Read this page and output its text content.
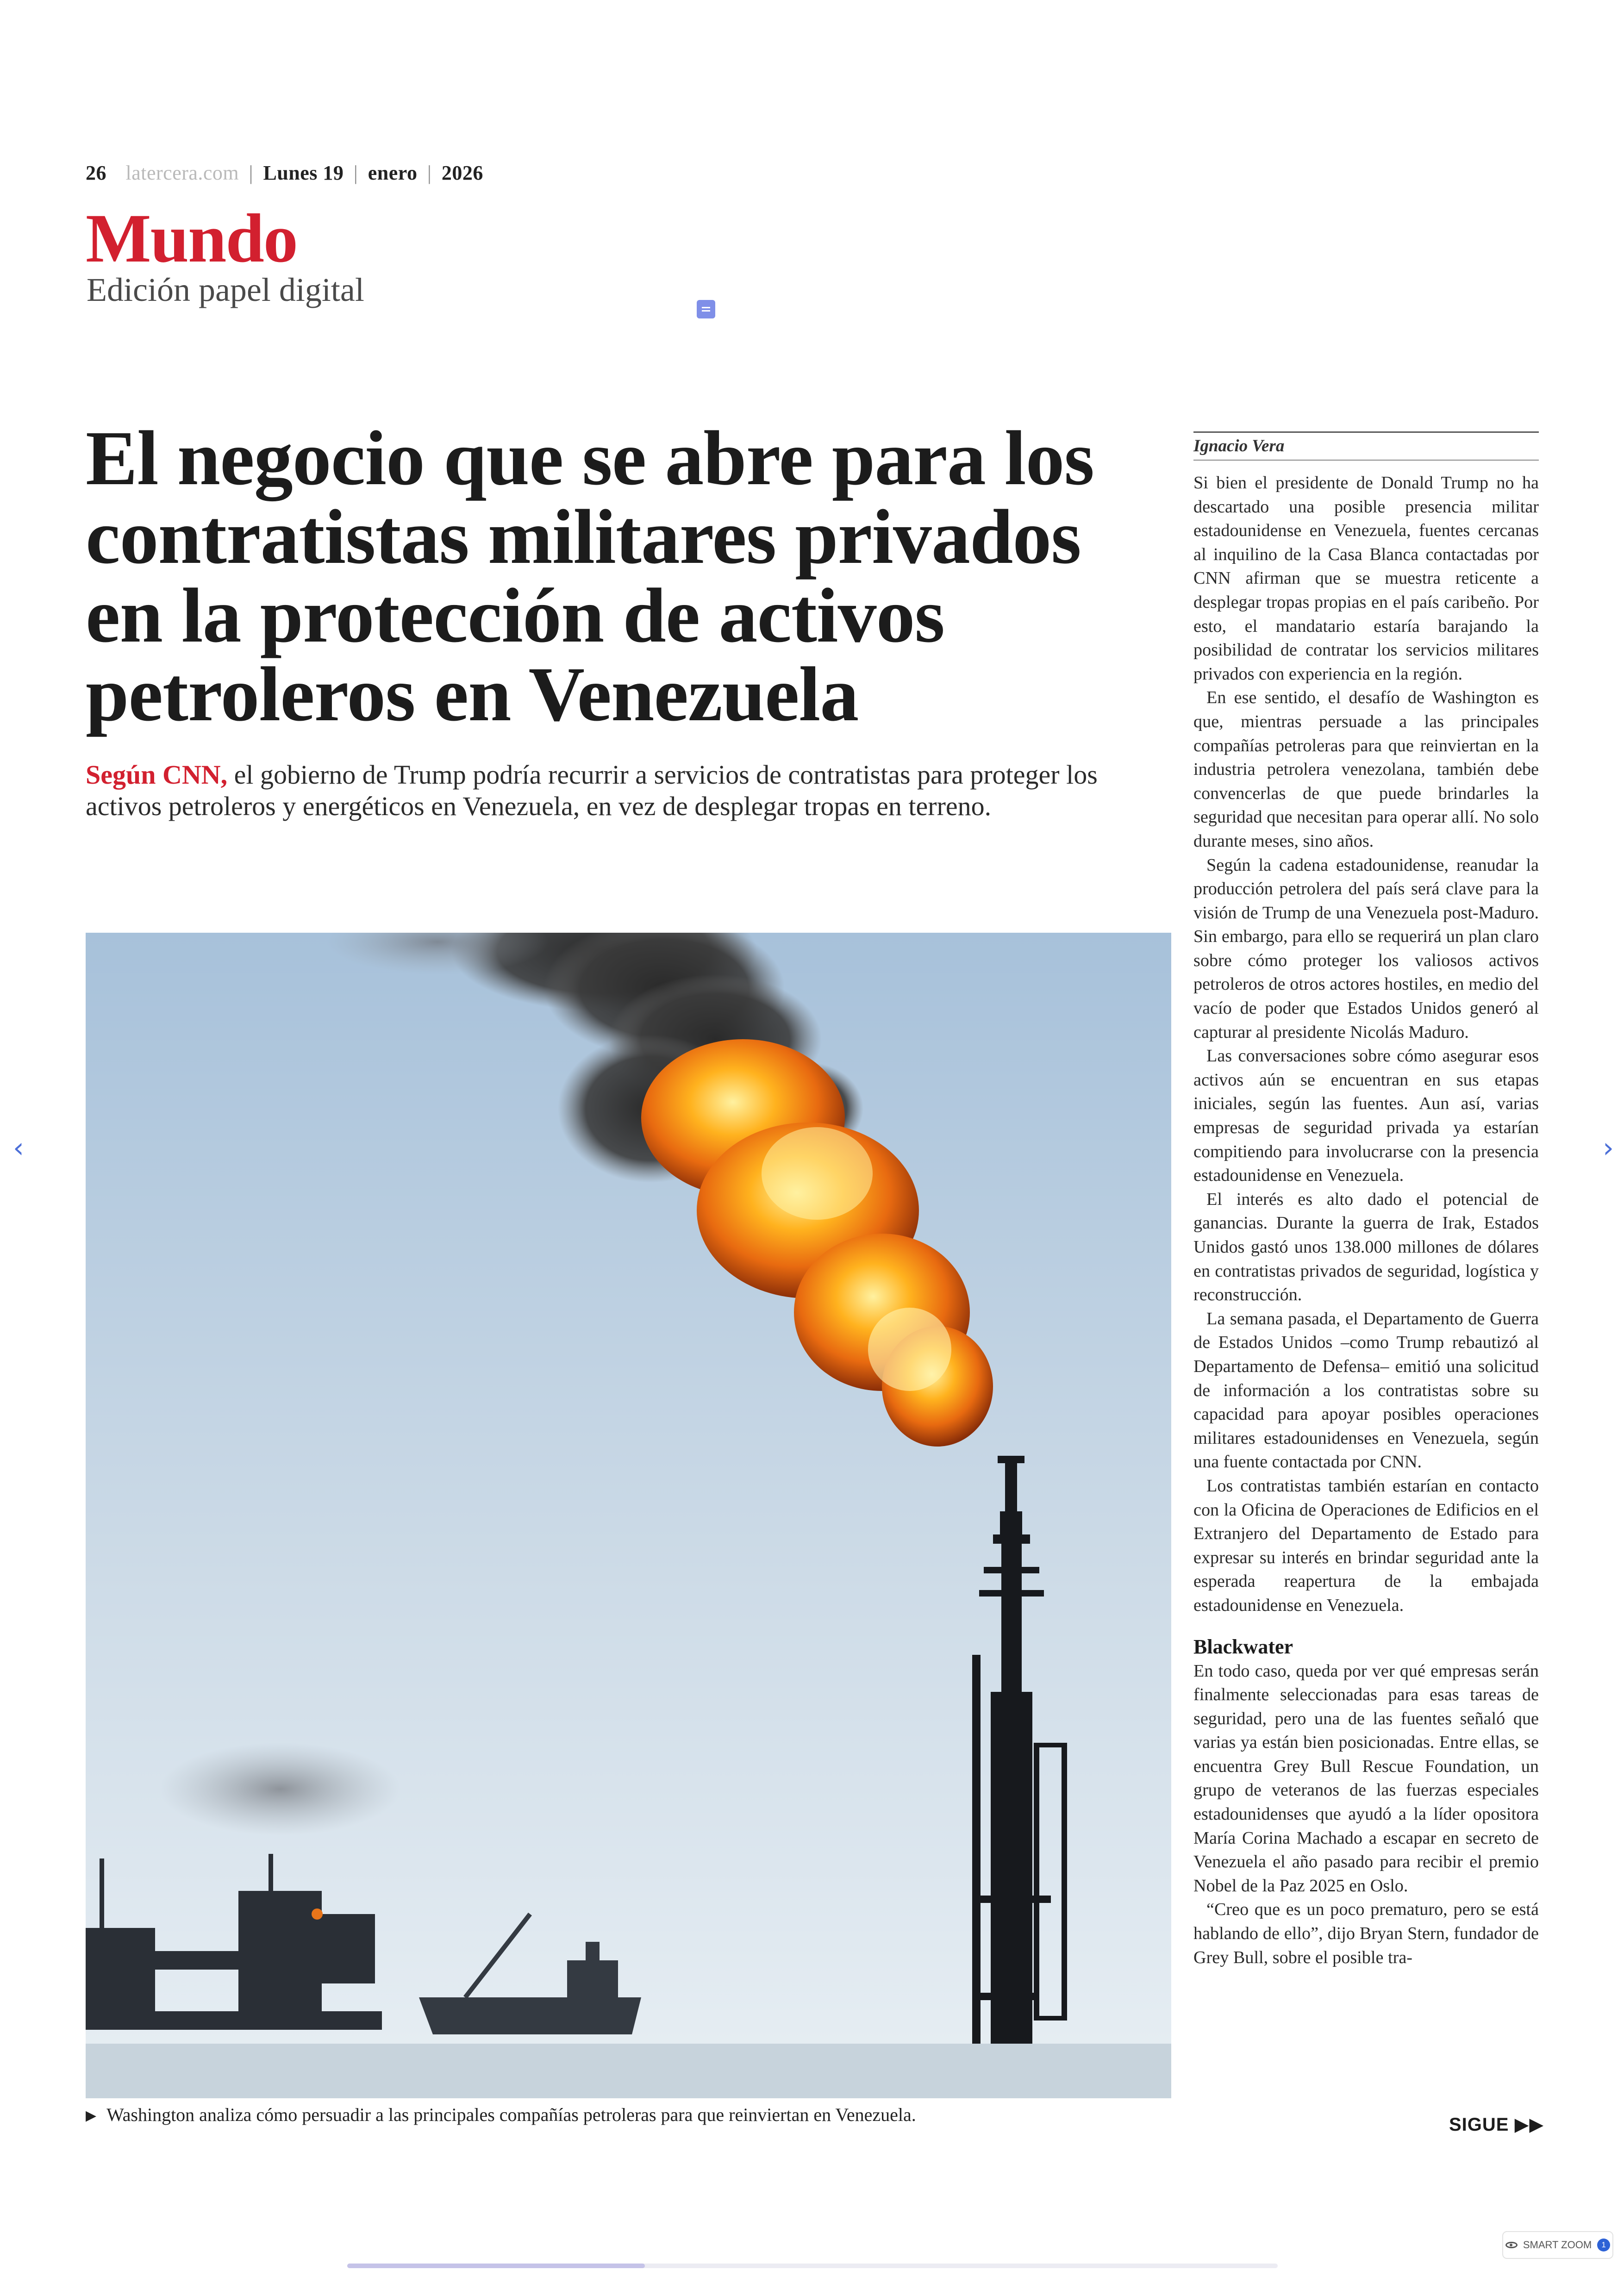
26 latercera.com | Lunes 19 | enero | 2026
Mundo
Edición papel digital
El negocio que se abre para los contratistas militares privados en la protección de activos petroleros en Venezuela

Según CNN, el gobierno de Trump podría recurrir a servicios de contratistas para proteger los activos petroleros y energéticos en Venezuela, en vez de desplegar tropas en terreno.

▶ Washington analiza cómo persuadir a las principales compañías petroleras para que reinviertan en Venezuela.
Ignacio Vera

Si bien el presidente de Donald Trump no ha descartado una posible presencia militar estadounidense en Venezuela, fuentes cercanas al inquilino de la Casa Blanca contactadas por CNN afirman que se muestra reticente a desplegar tropas propias en el país caribeño. Por esto, el mandatario estaría barajando la posibilidad de contratar los servicios militares privados con experiencia en la región.

En ese sentido, el desafío de Washington es que, mientras persuade a las principales compañías petroleras para que reinviertan en la industria petrolera venezolana, también debe convencerlas de que puede brindarles la seguridad que necesitan para operar allí. No solo durante meses, sino años.

Según la cadena estadounidense, reanudar la producción petrolera del país será clave para la visión de Trump de una Venezuela post-Maduro. Sin embargo, para ello se requerirá un plan claro sobre cómo proteger los valiosos activos petroleros de otros actores hostiles, en medio del vacío de poder que Estados Unidos generó al capturar al presidente Nicolás Maduro.

Las conversaciones sobre cómo asegurar esos activos aún se encuentran en sus etapas iniciales, según las fuentes. Aun así, varias empresas de seguridad privada ya estarían compitiendo para involucrarse con la presencia estadounidense en Venezuela.

El interés es alto dado el potencial de ganancias. Durante la guerra de Irak, Estados Unidos gastó unos 138.000 millones de dólares en contratistas privados de seguridad, logística y reconstrucción.

La semana pasada, el Departamento de Guerra de Estados Unidos –como Trump rebautizó al Departamento de Defensa– emitió una solicitud de información a los contratistas sobre su capacidad para apoyar posibles operaciones militares estadounidenses en Venezuela, según una fuente contactada por CNN.

Los contratistas también estarían en contacto con la Oficina de Operaciones de Edificios en el Extranjero del Departamento de Estado para expresar su interés en brindar seguridad ante la esperada reapertura de la embajada estadounidense en Venezuela.

Blackwater

En todo caso, queda por ver qué empresas serán finalmente seleccionadas para esas tareas de seguridad, pero una de las fuentes señaló que varias ya están bien posicionadas. Entre ellas, se encuentra Grey Bull Rescue Foundation, un grupo de veteranos de las fuerzas especiales estadounidenses que ayudó a la líder opositora María Corina Machado a escapar en secreto de Venezuela el año pasado para recibir el premio Nobel de la Paz 2025 en Oslo.

“Creo que es un poco prematuro, pero se está hablando de ello”, dijo Bryan Stern, fundador de Grey Bull, sobre el posible tra-

SIGUE ▶▶
‹	›
SMART ZOOM	1
